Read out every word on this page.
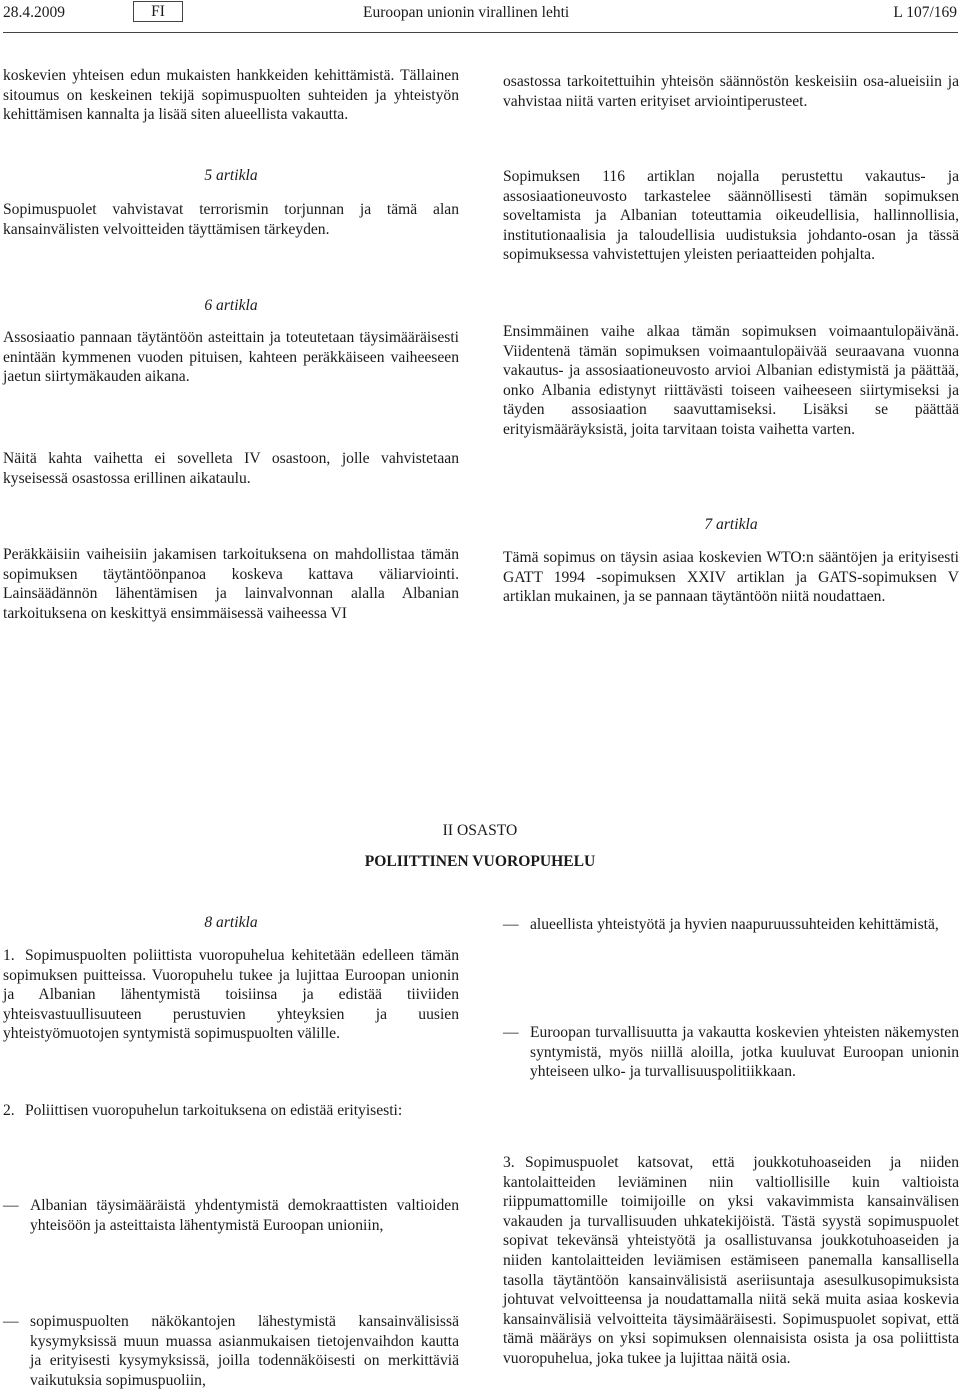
28.4.2009	FI	Euroopan unionin virallinen lehti	L 107/169

koskevien yhteisen edun mukaisten hankkeiden kehittämistä. Tällainen sitoumus on keskeinen tekijä sopimuspuolten suhteiden ja yhteistyön kehittämisen kannalta ja lisää siten alueellista vakautta.

5 artikla

Sopimuspuolet vahvistavat terrorismin torjunnan ja tämä alan kansainvälisten velvoitteiden täyttämisen tärkeyden.

6 artikla

Assosiaatio pannaan täytäntöön asteittain ja toteutetaan täysimääräisesti enintään kymmenen vuoden pituisen, kahteen peräkkäiseen vaiheeseen jaetun siirtymäkauden aikana.

Näitä kahta vaihetta ei sovelleta IV osastoon, jolle vahvistetaan kyseisessä osastossa erillinen aikataulu.

Peräkkäisiin vaiheisiin jakamisen tarkoituksena on mahdollistaa tämän sopimuksen täytäntöönpanoa koskeva kattava väliarviointi. Lainsäädännön lähentämisen ja lainvalvonnan alalla Albanian tarkoituksena on keskittyä ensimmäisessä vaiheessa VI

osastossa tarkoitettuihin yhteisön säännöstön keskeisiin osa-alueisiin ja vahvistaa niitä varten erityiset arviointiperusteet.

Sopimuksen 116 artiklan nojalla perustettu vakautus- ja assosiaationeuvosto tarkastelee säännöllisesti tämän sopimuksen soveltamista ja Albanian toteuttamia oikeudellisia, hallinnollisia, institutionaalisia ja taloudellisia uudistuksia johdanto-osan ja tässä sopimuksessa vahvistettujen yleisten periaatteiden pohjalta.

Ensimmäinen vaihe alkaa tämän sopimuksen voimaantulopäivänä. Viidentenä tämän sopimuksen voimaantulopäivää seuraavana vuonna vakautus- ja assosiaationeuvosto arvioi Albanian edistymistä ja päättää, onko Albania edistynyt riittävästi toiseen vaiheeseen siirtymiseksi ja täyden assosiaation saavuttamiseksi. Lisäksi se päättää erityismääräyksistä, joita tarvitaan toista vaihetta varten.

7 artikla

Tämä sopimus on täysin asiaa koskevien WTO:n sääntöjen ja erityisesti GATT 1994 -sopimuksen XXIV artiklan ja GATS-sopimuksen V artiklan mukainen, ja se pannaan täytäntöön niitä noudattaen.

II OSASTO
POLIITTINEN VUOROPUHELU
8 artikla

1. Sopimuspuolten poliittista vuoropuhelua kehitetään edelleen tämän sopimuksen puitteissa. Vuoropuhelu tukee ja lujittaa Euroopan unionin ja Albanian lähentymistä toisiinsa ja edistää tiiviiden yhteisvastuullisuuteen perustuvien yhteyksien ja uusien yhteistyömuotojen syntymistä sopimuspuolten välille.

2. Poliittisen vuoropuhelun tarkoituksena on edistää erityisesti:

— Albanian täysimääräistä yhdentymistä demokraattisten valtioiden yhteisöön ja asteittaista lähentymistä Euroopan unioniin,
— sopimuspuolten näkökantojen lähestymistä kansainvälisissä kysymyksissä muun muassa asianmukaisen tietojenvaihdon kautta ja erityisesti kysymyksissä, joilla todennäköisesti on merkittäviä vaikutuksia sopimuspuoliin,
— alueellista yhteistyötä ja hyvien naapuruussuhteiden kehittämistä,
— Euroopan turvallisuutta ja vakautta koskevien yhteisten näkemysten syntymistä, myös niillä aloilla, jotka kuuluvat Euroopan unionin yhteiseen ulko- ja turvallisuuspolitiikkaan.

3. Sopimuspuolet katsovat, että joukkotuhoaseiden ja niiden kantolaitteiden leviäminen niin valtiollisille kuin valtioista riippumattomille toimijoille on yksi vakavimmista kansainvälisen vakauden ja turvallisuuden uhkatekijöistä. Tästä syystä sopimuspuolet sopivat tekevänsä yhteistyötä ja osallistuvansa joukkotuhoaseiden ja niiden kantolaitteiden leviämisen estämiseen panemalla kansallisella tasolla täytäntöön kansainvälisistä aseriisuntaja asesulkusopimuksista johtuvat velvoitteensa ja noudattamalla niitä sekä muita asiaa koskevia kansainvälisiä velvoitteita täysimääräisesti. Sopimuspuolet sopivat, että tämä määräys on yksi sopimuksen olennaisista osista ja osa poliittista vuoropuhelua, joka tukee ja lujittaa näitä osia.
